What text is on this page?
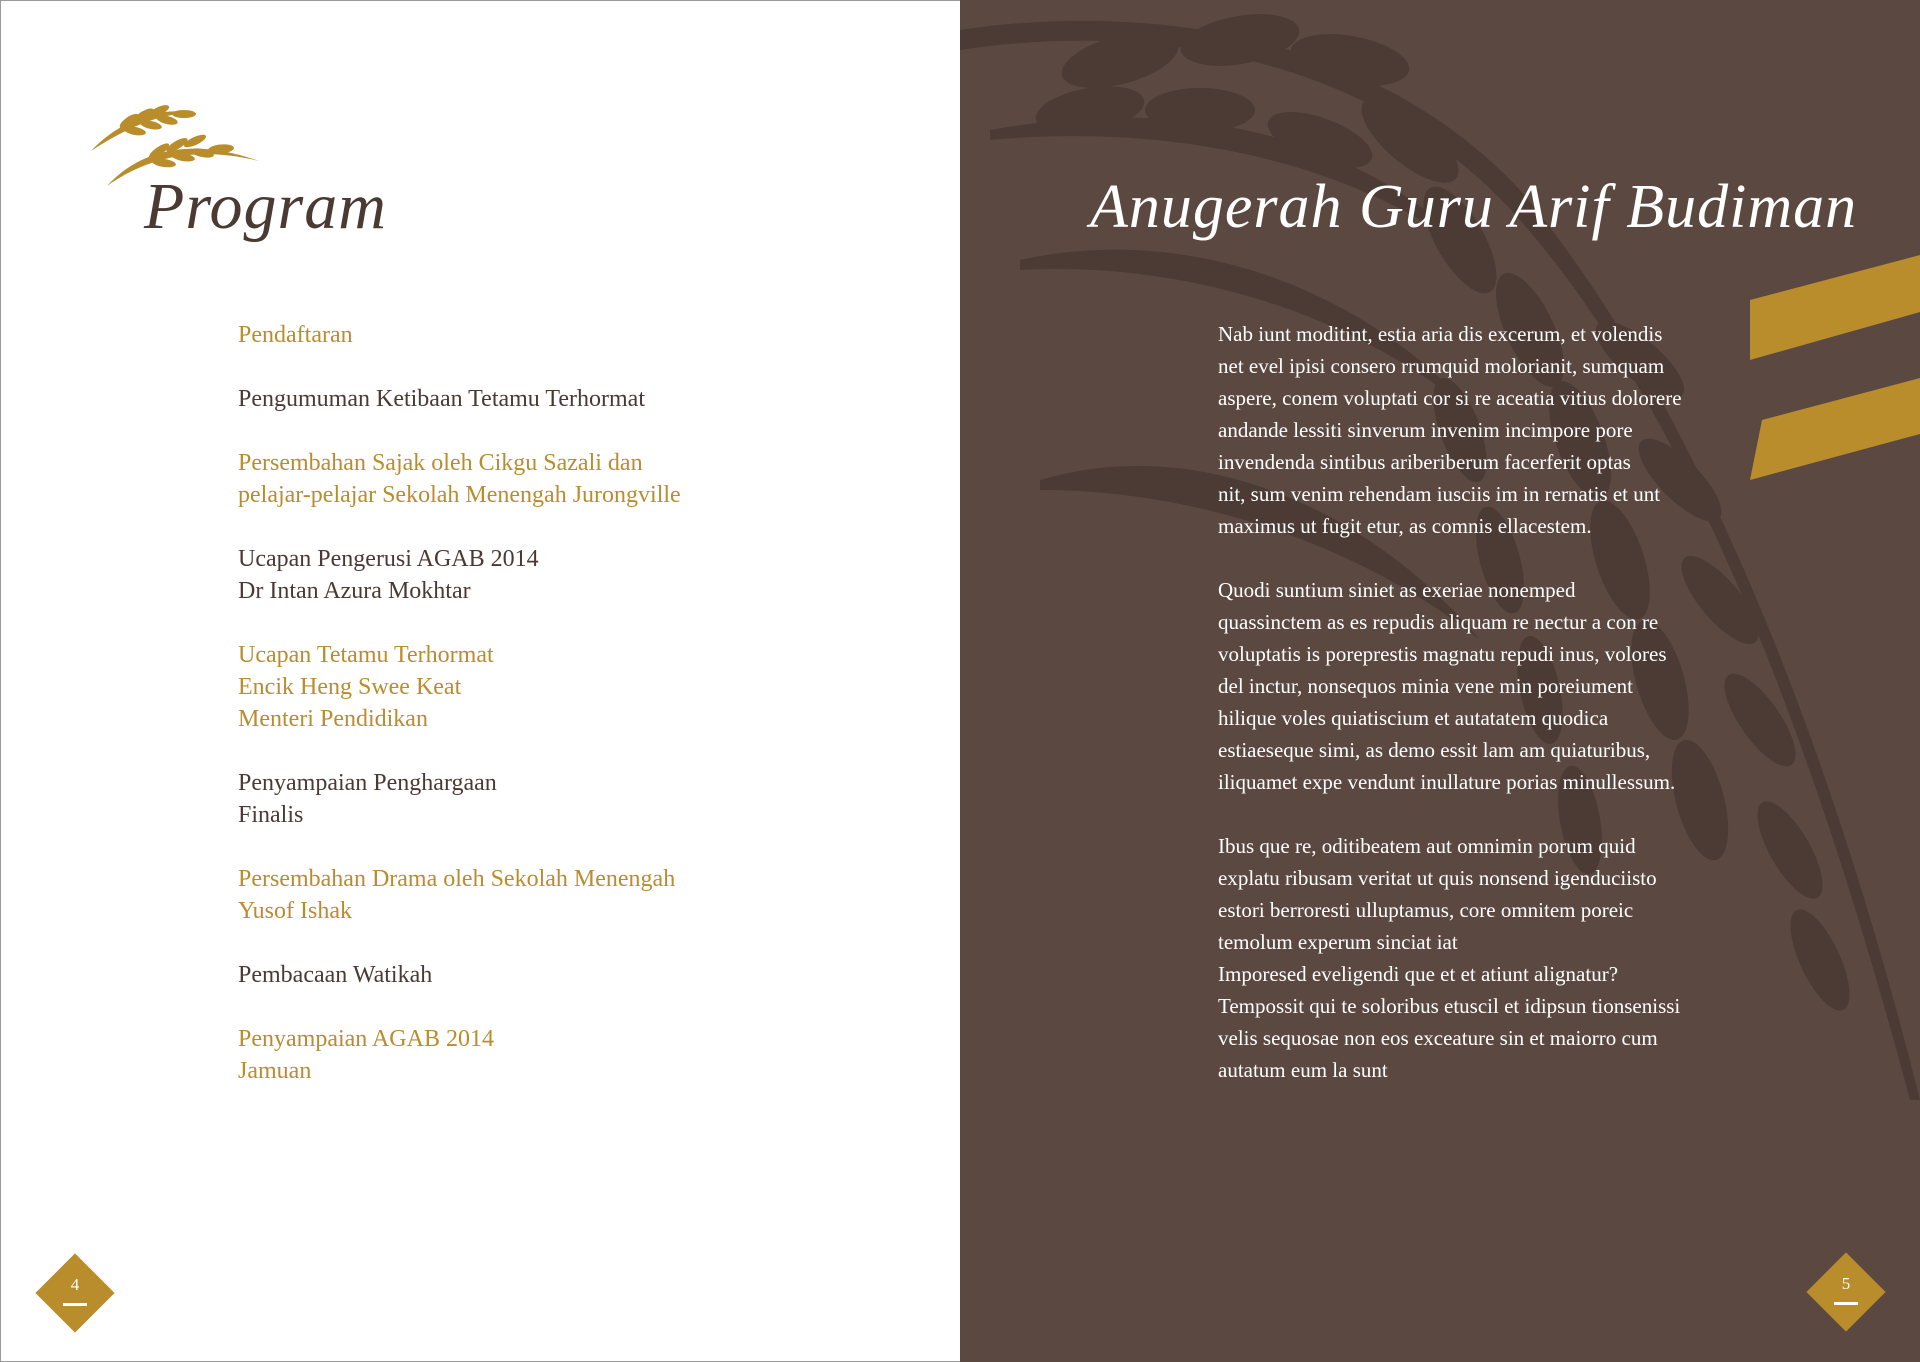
Program
Pendaftaran
Pengumuman Ketibaan Tetamu Terhormat
Persembahan Sajak oleh Cikgu Sazali dan
pelajar-pelajar Sekolah Menengah Jurongville
Ucapan Pengerusi AGAB 2014
Dr Intan Azura Mokhtar
Ucapan Tetamu Terhormat
Encik Heng Swee Keat
Menteri Pendidikan
Penyampaian Penghargaan
Finalis
Persembahan Drama oleh Sekolah Menengah
Yusof Ishak
Pembacaan Watikah
Penyampaian AGAB 2014
Jamuan
4
Anugerah Guru Arif Budiman

Nab iunt moditint, estia aria dis excerum, et volendis
net evel ipisi consero rrumquid molorianit, sumquam
aspere, conem voluptati cor si re aceatia vitius dolorere
andande lessiti sinverum invenim incimpore pore
invendenda sintibus ariberiberum facerferit optas
nit, sum venim rehendam iusciis im in rernatis et unt
maximus ut fugit etur, as comnis ellacestem.

Quodi suntium siniet as exeriae nonemped
quassinctem as es repudis aliquam re nectur a con re
voluptatis is poreprestis magnatu repudi inus, volores
del inctur, nonsequos minia vene min poreiument
hilique voles quiatiscium et autatatem quodica
estiaeseque simi, as demo essit lam am quiaturibus,
iliquamet expe vendunt inullature porias minullessum.

Ibus que re, oditibeatem aut omnimin porum quid
explatu ribusam veritat ut quis nonsend igenduciisto
estori berroresti ulluptamus, core omnitem poreic
temolum experum sinciat iat
Imporesed eveligendi que et et atiunt alignatur?
Tempossit qui te soloribus etuscil et idipsun tionsenissi
velis sequosae non eos exceature sin et maiorro cum
autatum eum la sunt

5
